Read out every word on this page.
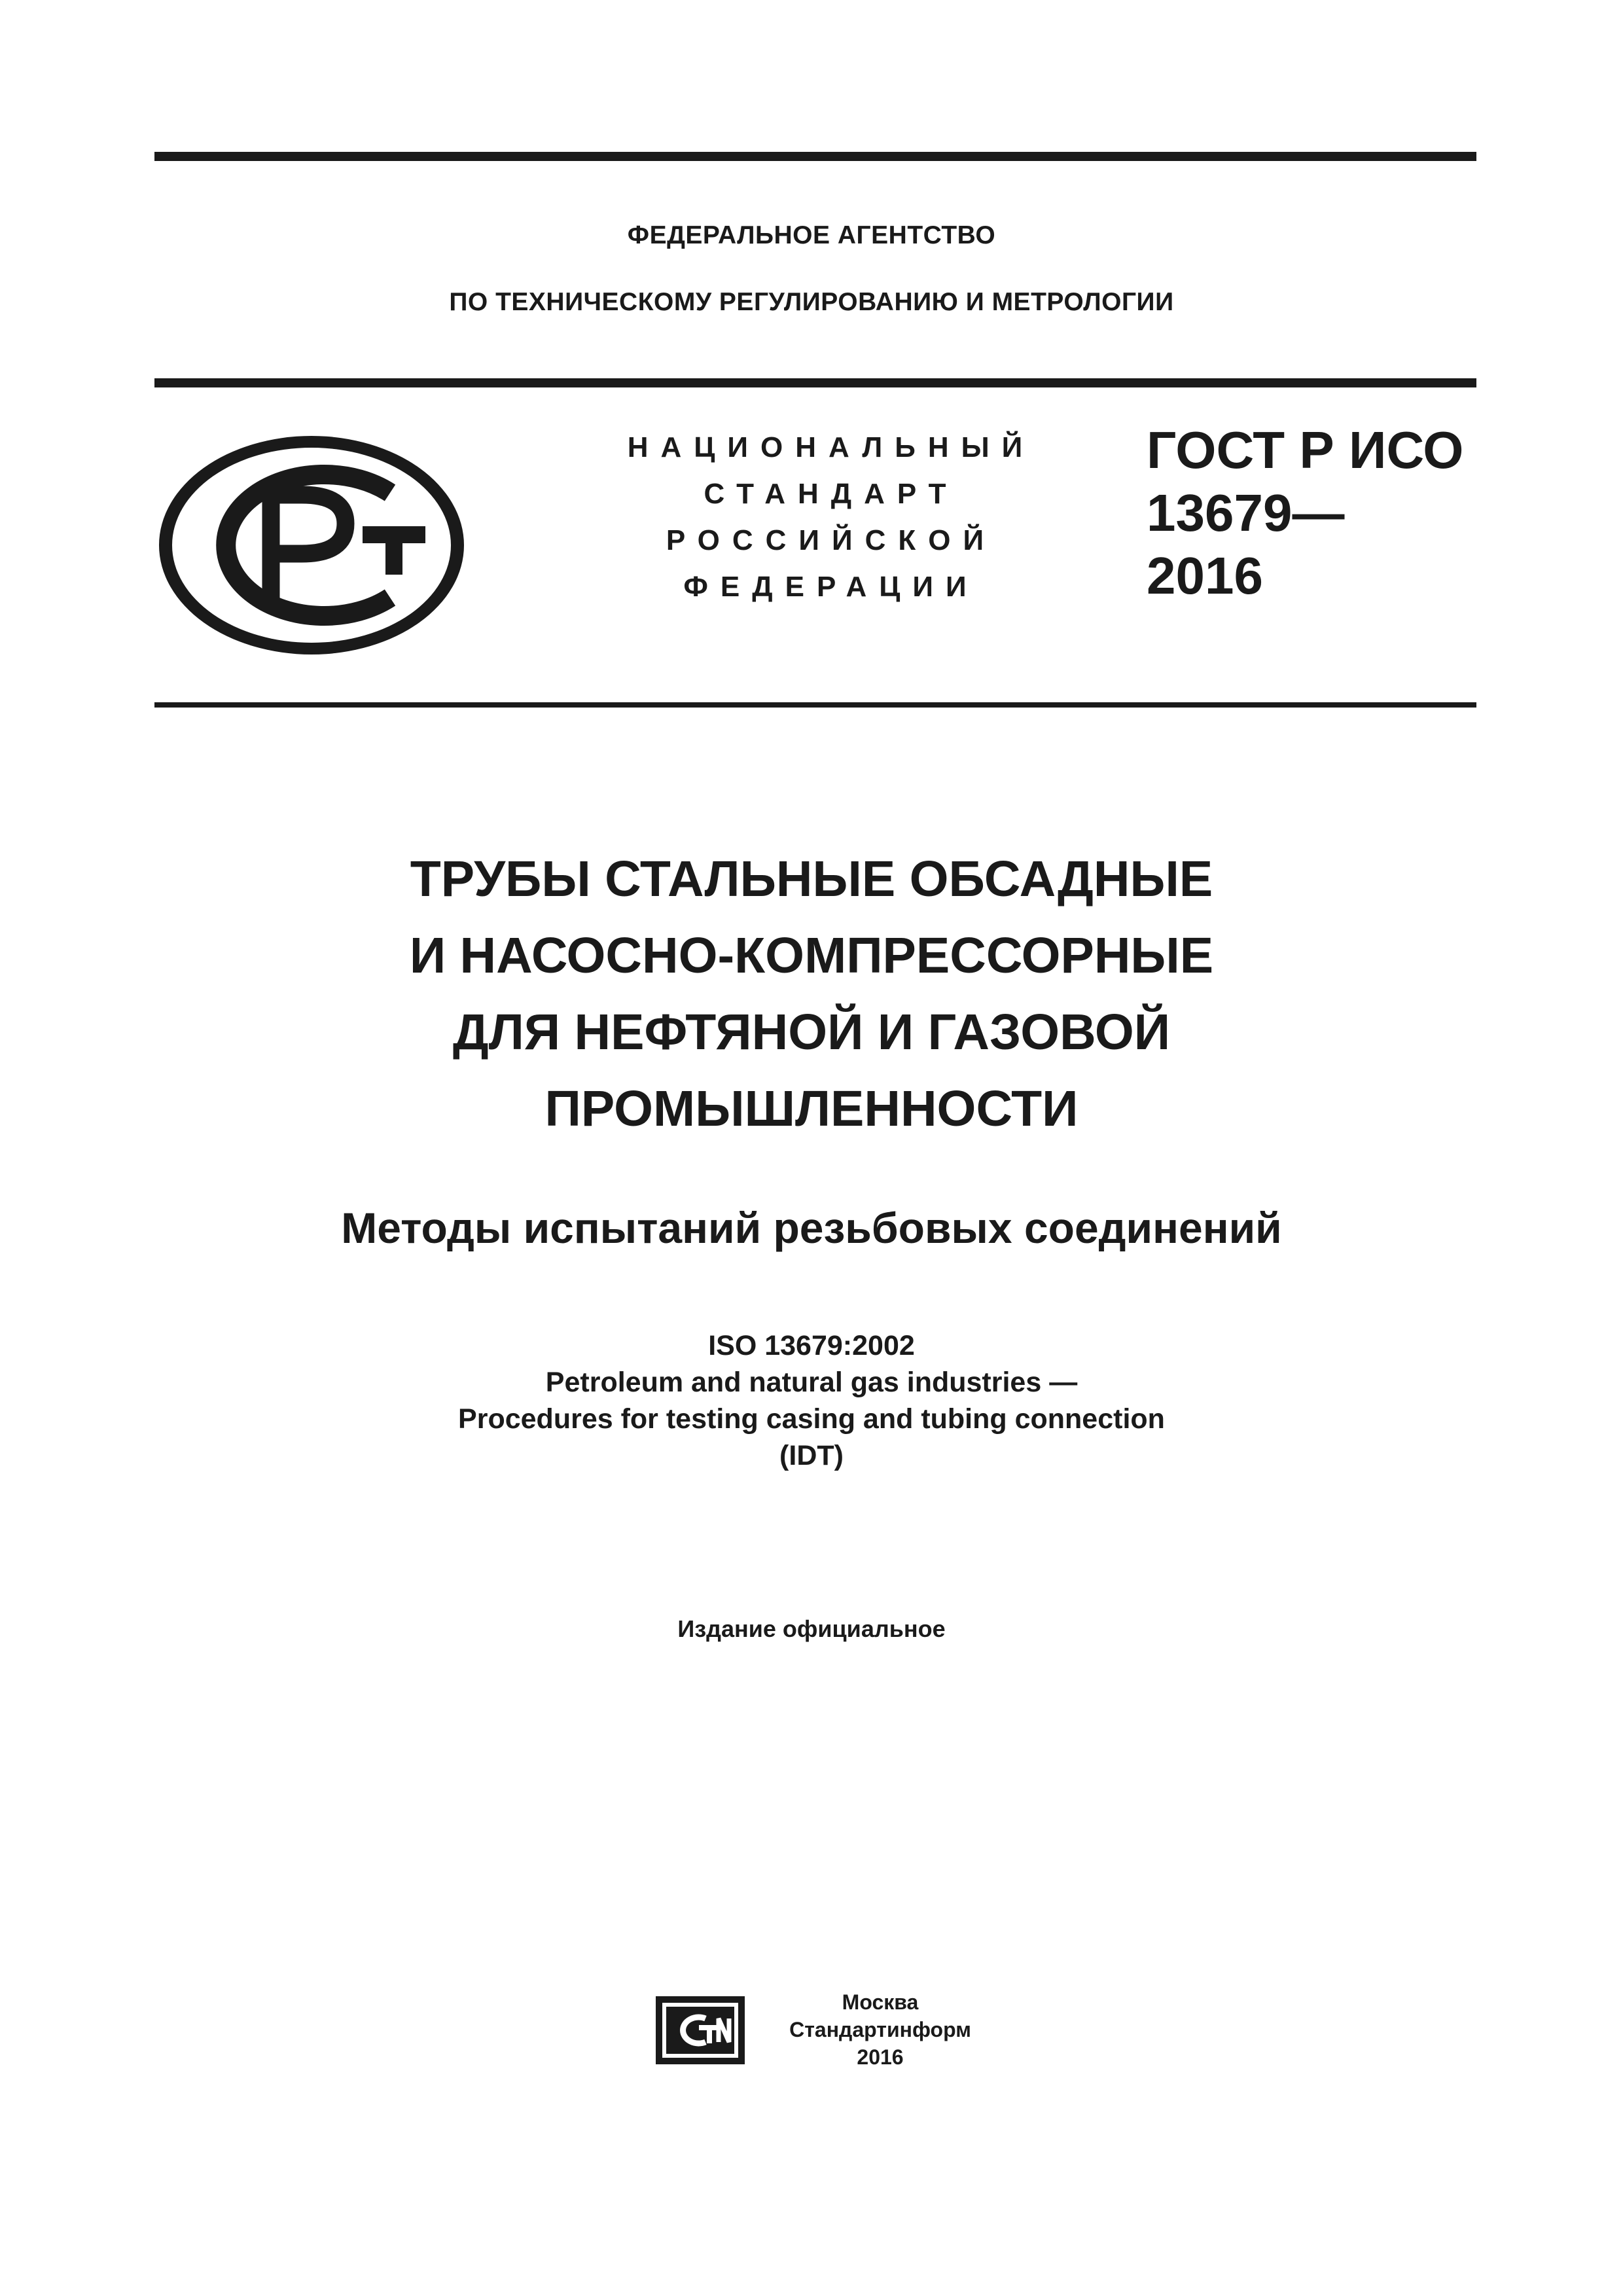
ФЕДЕРАЛЬНОЕ АГЕНТСТВО
ПО ТЕХНИЧЕСКОМУ РЕГУЛИРОВАНИЮ И МЕТРОЛОГИИ
НАЦИОНАЛЬНЫЙ
СТАНДАРТ
РОССИЙСКОЙ
ФЕДЕРАЦИИ
ГОСТ Р ИСО
13679—
2016
ТРУБЫ СТАЛЬНЫЕ ОБСАДНЫЕ
И НАСОСНО-КОМПРЕССОРНЫЕ
ДЛЯ НЕФТЯНОЙ И ГАЗОВОЙ
ПРОМЫШЛЕННОСТИ
Методы испытаний резьбовых соединений
ISO 13679:2002
Petroleum and natural gas industries —
Procedures for testing casing and tubing connection
(IDT)
Издание официальное
Москва
Стандартинформ
2016
